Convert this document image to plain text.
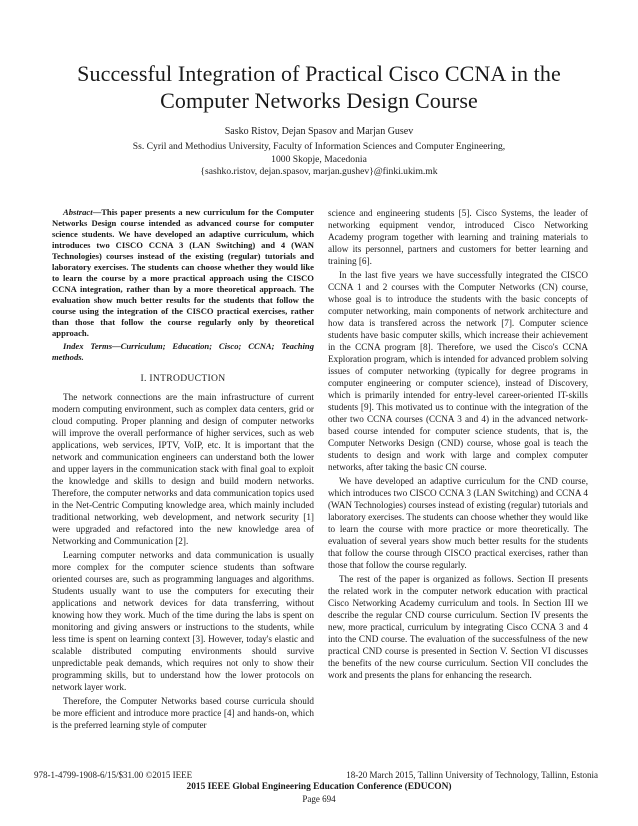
Successful Integration of Practical Cisco CCNA in the Computer Networks Design Course
Sasko Ristov, Dejan Spasov and Marjan Gusev
Ss. Cyril and Methodius University, Faculty of Information Sciences and Computer Engineering,
1000 Skopje, Macedonia
{sashko.ristov, dejan.spasov, marjan.gushev}@finki.ukim.mk

Abstract—This paper presents a new curriculum for the Computer Networks Design course intended as advanced course for computer science students. We have developed an adaptive curriculum, which introduces two CISCO CCNA 3 (LAN Switching) and 4 (WAN Technologies) courses instead of the existing (regular) tutorials and laboratory exercises. The students can choose whether they would like to learn the course by a more practical approach using the CISCO CCNA integration, rather than by a more theoretical approach. The evaluation show much better results for the students that follow the course using the integration of the CISCO practical exercises, rather than those that follow the course regularly only by theoretical approach.

Index Terms—Curriculum; Education; Cisco; CCNA; Teaching methods.

I. INTRODUCTION

The network connections are the main infrastructure of current modern computing environment, such as complex data centers, grid or cloud computing. Proper planning and design of computer networks will improve the overall performance of higher services, such as web applications, web services, IPTV, VoIP, etc. It is important that the network and communication engineers can understand both the lower and upper layers in the communication stack with final goal to exploit the knowledge and skills to design and build modern networks. Therefore, the computer networks and data communication topics used in the Net-Centric Computing knowledge area, which mainly included traditional networking, web development, and network security [1] were upgraded and refactored into the new knowledge area of Networking and Communication [2].

Learning computer networks and data communication is usually more complex for the computer science students than software oriented courses are, such as programming languages and algorithms. Students usually want to use the computers for executing their applications and network devices for data transferring, without knowing how they work. Much of the time during the labs is spent on monitoring and giving answers or instructions to the students, while less time is spent on learning context [3]. However, today's elastic and scalable distributed computing environments should survive unpredictable peak demands, which requires not only to show their programming skills, but to understand how the lower protocols on network layer work.

Therefore, the Computer Networks based course curricula should be more efficient and introduce more practice [4] and hands-on, which is the preferred learning style of computer

science and engineering students [5]. Cisco Systems, the leader of networking equipment vendor, introduced Cisco Networking Academy program together with learning and training materials to allow its personnel, partners and customers for better learning and training [6].

In the last five years we have successfully integrated the CISCO CCNA 1 and 2 courses with the Computer Networks (CN) course, whose goal is to introduce the students with the basic concepts of computer networking, main components of network architecture and how data is transfered across the network [7]. Computer science students have basic computer skills, which increase their achievement in the CCNA program [8]. Therefore, we used the Cisco's CCNA Exploration program, which is intended for advanced problem solving issues of computer networking (typically for degree programs in computer engineering or computer science), instead of Discovery, which is primarily intended for entry-level career-oriented IT-skills students [9]. This motivated us to continue with the integration of the other two CCNA courses (CCNA 3 and 4) in the advanced network-based course intended for computer science students, that is, the Computer Networks Design (CND) course, whose goal is teach the students to design and work with large and complex computer networks, after taking the basic CN course.

We have developed an adaptive curriculum for the CND course, which introduces two CISCO CCNA 3 (LAN Switching) and CCNA 4 (WAN Technologies) courses instead of existing (regular) tutorials and laboratory exercises. The students can choose whether they would like to learn the course with more practice or more theoretically. The evaluation of several years show much better results for the students that follow the course through CISCO practical exercises, rather than those that follow the course regularly.

The rest of the paper is organized as follows. Section II presents the related work in the computer network education with practical Cisco Networking Academy curriculum and tools. In Section III we describe the regular CND course curriculum. Section IV presents the new, more practical, curriculum by integrating Cisco CCNA 3 and 4 into the CND course. The evaluation of the successfulness of the new practical CND course is presented in Section V. Section VI discusses the benefits of the new course curriculum. Section VII concludes the work and presents the plans for enhancing the research.

978-1-4799-1908-6/15/$31.00 ©2015 IEEE	18-20 March 2015, Tallinn University of Technology, Tallinn, Estonia
2015 IEEE Global Engineering Education Conference (EDUCON)
Page 694
